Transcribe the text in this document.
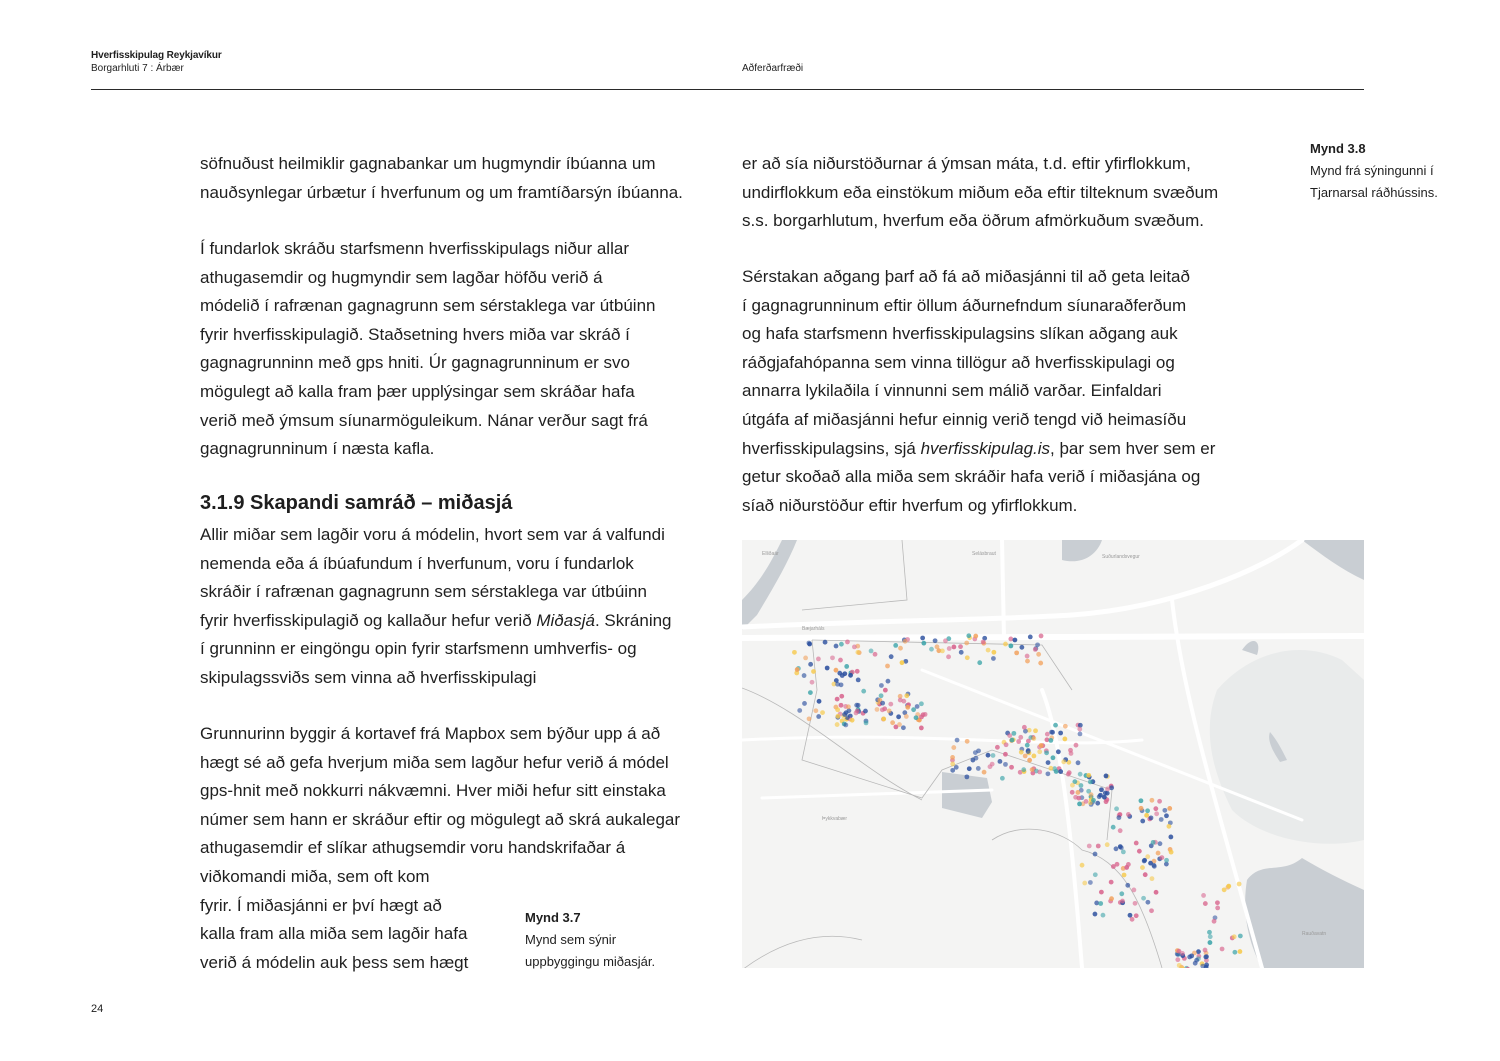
Hverfisskipulag Reykjavíkur
Borgarhluti 7 : Árbær	Aðferðarfræði
söfnuðust heilmiklir gagnabankar um hugmyndir íbúanna um
nauðsynlegar úrbætur í hverfunum og um framtíðarsýn íbúanna.
Í fundarlok skráðu starfsmenn hverfisskipulags niður allar
athugasemdir og hugmyndir sem lagðar höfðu verið á
módelið í rafrænan gagnagrunn sem sérstaklega var útbúinn
fyrir hverfisskipulagið. Staðsetning hvers miða var skráð í
gagnagrunninn með gps hniti. Úr gagnagrunninum er svo
mögulegt að kalla fram þær upplýsingar sem skráðar hafa
verið með ýmsum síunarmöguleikum. Nánar verður sagt frá
gagnagrunninum í næsta kafla.
3.1.9 Skapandi samráð – miðasjá
Allir miðar sem lagðir voru á módelin, hvort sem var á valfundi
nemenda eða á íbúafundum í hverfunum, voru í fundarlok
skráðir í rafrænan gagnagrunn sem sérstaklega var útbúinn
fyrir hverfisskipulagið og kallaður hefur verið Miðasjá. Skráning
í grunninn er eingöngu opin fyrir starfsmenn umhverfis- og
skipulagssviðs sem vinna að hverfisskipulagi
Grunnurinn byggir á kortavef frá Mapbox sem býður upp á að
hægt sé að gefa hverjum miða sem lagður hefur verið á módel
gps-hnit með nokkurri nákvæmni. Hver miði hefur sitt einstaka
númer sem hann er skráður eftir og mögulegt að skrá aukalegar
athugasemdir ef slíkar athugsemdir voru handskrifaðar á
viðkomandi miða, sem oft kom
fyrir. Í miðasjánni er því hægt að
kalla fram alla miða sem lagðir hafa
verið á módelin auk þess sem hægt
Mynd 3.7
Mynd sem sýnir
uppbyggingu miðasjár.
er að sía niðurstöðurnar á ýmsan máta, t.d. eftir yfirflokkum,
undirflokkum eða einstökum miðum eða eftir tilteknum svæðum
s.s. borgarhlutum, hverfum eða öðrum afmörkuðum svæðum.
Sérstakan aðgang þarf að fá að miðasjánni til að geta leitað
í gagnagrunninum eftir öllum áðurnefndum síunaraðferðum
og hafa starfsmenn hverfisskipulagsins slíkan aðgang auk
ráðgjafahópanna sem vinna tillögur að hverfisskipulagi og
annarra lykilaðila í vinnunni sem málið varðar. Einfaldari
útgáfa af miðasjánni hefur einnig verið tengd við heimasíðu
hverfisskipulagsins, sjá hverfisskipulag.is, þar sem hver sem er
getur skoðað alla miða sem skráðir hafa verið í miðasjána og
síað niðurstöður eftir hverfum og yfirflokkum.
Mynd 3.8
Mynd frá sýningunni í
Tjarnarsal ráðhússins.
Elliðaár	Selásbraut	Suðurlandsvegur
Bæjarháls
Þykkvabær
Rauðavatn
24
